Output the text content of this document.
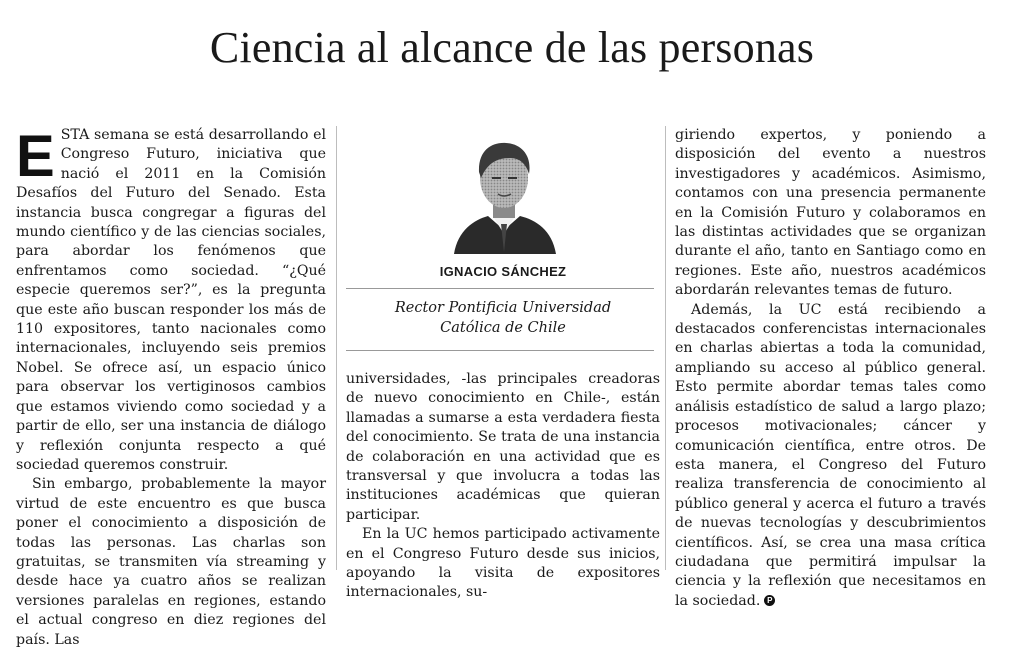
Ciencia al alcance de las personas

ESTA semana se está desarrollando el Congreso Futuro, iniciativa que nació el 2011 en la Comisión Desafíos del Futuro del Senado. Esta instancia busca congregar a figuras del mundo científico y de las ciencias sociales, para abordar los fenómenos que enfrentamos como sociedad. “¿Qué especie queremos ser?”, es la pregunta que este año buscan responder los más de 110 expositores, tanto nacionales como internacionales, incluyendo seis premios Nobel. Se ofrece así, un espacio único para observar los vertiginosos cambios que estamos viviendo como sociedad y a partir de ello, ser una instancia de diálogo y reflexión conjunta respecto a qué sociedad queremos construir.

Sin embargo, probablemente la mayor virtud de este encuentro es que busca poner el conocimiento a disposición de todas las personas. Las charlas son gratuitas, se transmiten vía streaming y desde hace ya cuatro años se realizan versiones paralelas en regiones, estando el actual congreso en diez regiones del país. Las

IGNACIO SÁNCHEZ
Rector Pontificia Universidad
Católica de Chile

universidades, -las principales creadoras de nuevo conocimiento en Chile-, están llamadas a sumarse a esta verdadera fiesta del conocimiento. Se trata de una instancia de colaboración en una actividad que es transversal y que involucra a todas las instituciones académicas que quieran participar.

En la UC hemos participado activamente en el Congreso Futuro desde sus inicios, apoyando la visita de expositores internacionales, su-

giriendo expertos, y poniendo a disposición del evento a nuestros investigadores y académicos. Asimismo, contamos con una presencia permanente en la Comisión Futuro y colaboramos en las distintas actividades que se organizan durante el año, tanto en Santiago como en regiones. Este año, nuestros académicos abordarán relevantes temas de futuro.

Además, la UC está recibiendo a destacados conferencistas internacionales en charlas abiertas a toda la comunidad, ampliando su acceso al público general. Esto permite abordar temas tales como análisis estadístico de salud a largo plazo; procesos motivacionales; cáncer y comunicación científica, entre otros. De esta manera, el Congreso del Futuro realiza transferencia de conocimiento al público general y acerca el futuro a través de nuevas tecnologías y descubrimientos científicos. Así, se crea una masa crítica ciudadana que permitirá impulsar la ciencia y la reflexión que necesitamos en la sociedad. P
